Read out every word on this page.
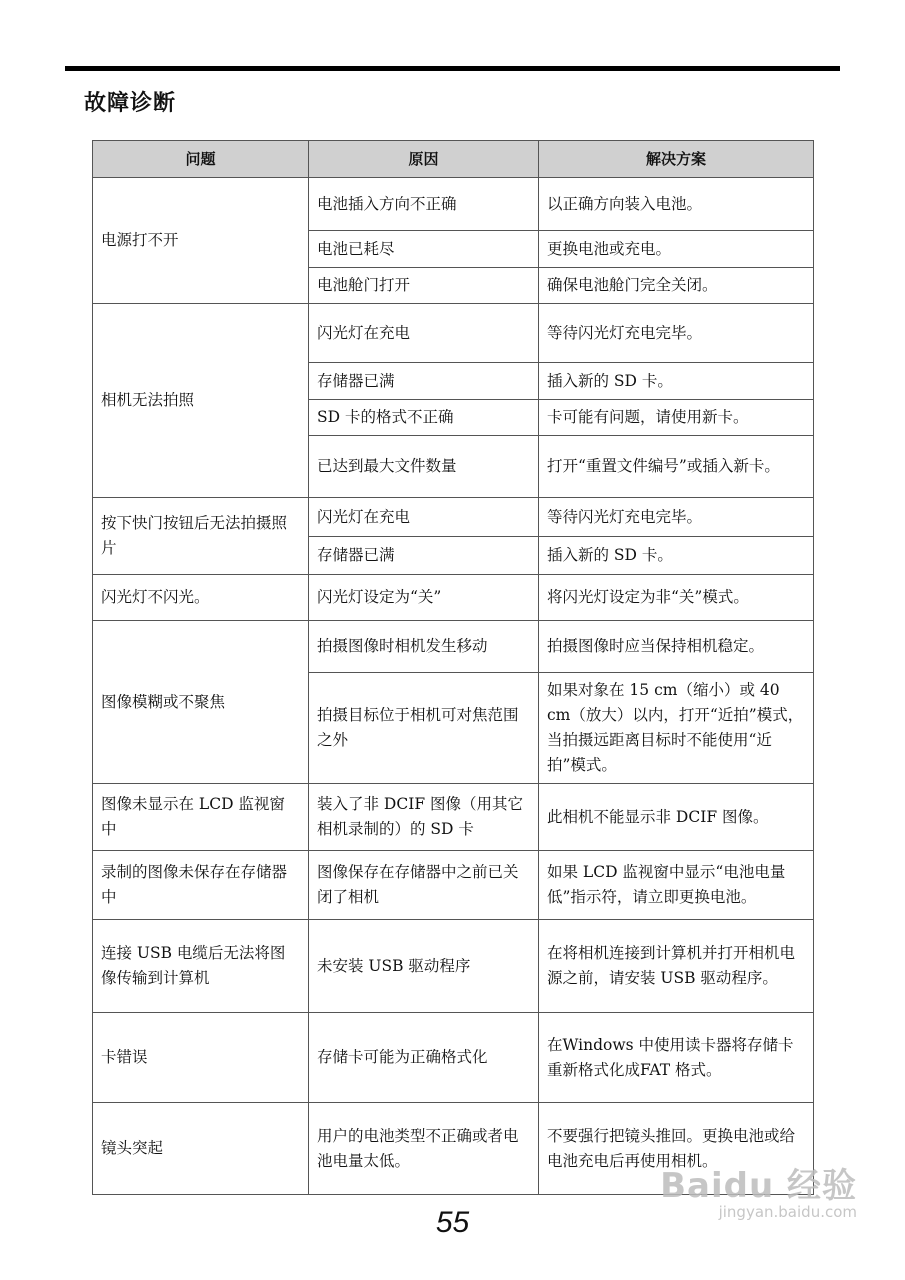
故障诊断
问题	原因	解决方案
电源打不开	电池插入方向不正确	以正确方向装入电池。
	电池已耗尽	更换电池或充电。
	电池舱门打开	确保电池舱门完全关闭。
相机无法拍照	闪光灯在充电	等待闪光灯充电完毕。
	存储器已满	插入新的 SD 卡。
	SD 卡的格式不正确	卡可能有问题，请使用新卡。
	已达到最大文件数量	打开“重置文件编号”或插入新卡。
按下快门按钮后无法拍摄照片	闪光灯在充电	等待闪光灯充电完毕。
	存储器已满	插入新的 SD 卡。
闪光灯不闪光。	闪光灯设定为“关”	将闪光灯设定为非“关”模式。
图像模糊或不聚焦	拍摄图像时相机发生移动	拍摄图像时应当保持相机稳定。
	拍摄目标位于相机可对焦范围之外	如果对象在 15 cm（缩小）或 40 cm（放大）以内，打开“近拍”模式，当拍摄远距离目标时不能使用“近拍”模式。
图像未显示在 LCD 监视窗中	装入了非 DCIF 图像（用其它相机录制的）的 SD 卡	此相机不能显示非 DCIF 图像。
录制的图像未保存在存储器中	图像保存在存储器中之前已关闭了相机	如果 LCD 监视窗中显示“电池电量低”指示符，请立即更换电池。
连接 USB 电缆后无法将图像传输到计算机	未安装 USB 驱动程序	在将相机连接到计算机并打开相机电源之前，请安装 USB 驱动程序。
卡错误	存储卡可能为正确格式化	在Windows 中使用读卡器将存储卡重新格式化成FAT 格式。
镜头突起	用户的电池类型不正确或者电池电量太低。	不要强行把镜头推回。更换电池或给电池充电后再使用相机。
55
Baidu 经验
jingyan.baidu.com
